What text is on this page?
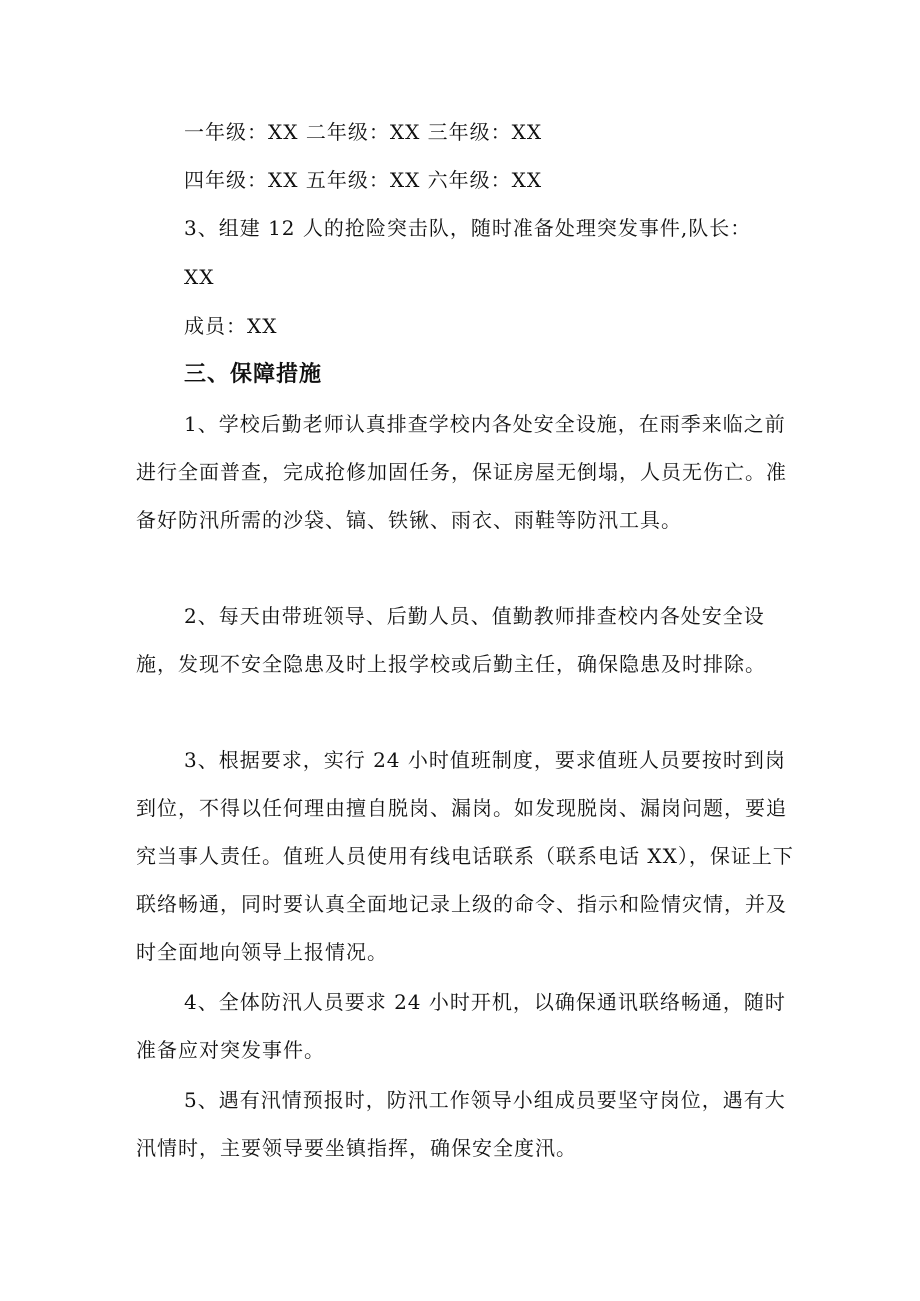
一年级：XX 二年级：XX 三年级：XX

四年级：XX 五年级：XX 六年级：XX

3、组建 12 人的抢险突击队，随时准备处理突发事件,队长：

XX

成员：XX

三、保障措施

1、学校后勤老师认真排查学校内各处安全设施，在雨季来临之前进行全面普查，完成抢修加固任务，保证房屋无倒塌，人员无伤亡。准备好防汛所需的沙袋、镐、铁锹、雨衣、雨鞋等防汛工具。

2、每天由带班领导、后勤人员、值勤教师排查校内各处安全设施，发现不安全隐患及时上报学校或后勤主任，确保隐患及时排除。

3、根据要求，实行 24 小时值班制度，要求值班人员要按时到岗到位，不得以任何理由擅自脱岗、漏岗。如发现脱岗、漏岗问题，要追究当事人责任。值班人员使用有线电话联系（联系电话 XX），保证上下联络畅通，同时要认真全面地记录上级的命令、指示和险情灾情，并及时全面地向领导上报情况。

4、全体防汛人员要求 24 小时开机，以确保通讯联络畅通，随时准备应对突发事件。

5、遇有汛情预报时，防汛工作领导小组成员要坚守岗位，遇有大汛情时，主要领导要坐镇指挥，确保安全度汛。
